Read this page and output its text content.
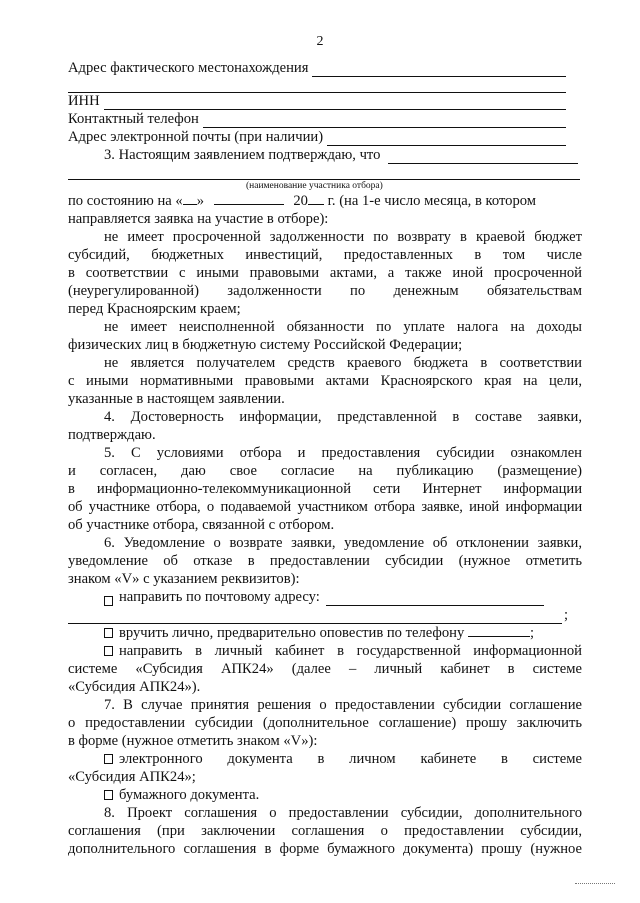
2
Адрес фактического местонахождения
ИНН
Контактный телефон
Адрес электронной почты (при наличии)
3. Настоящим заявлением подтверждаю, что
(наименование участника отбора)
по состоянию на « »	20 г. (на 1-е число месяца, в котором
направляется заявка на участие в отборе):
не имеет просроченной задолженности по возврату в краевой бюджет
субсидий, бюджетных инвестиций, предоставленных в том числе
в соответствии с иными правовыми актами, а также иной просроченной
(неурегулированной) задолженности по денежным обязательствам
перед Красноярским краем;
не имеет неисполненной обязанности по уплате налога на доходы
физических лиц в бюджетную систему Российской Федерации;
не является получателем средств краевого бюджета в соответствии
с иными нормативными правовыми актами Красноярского края на цели,
указанные в настоящем заявлении.
4. Достоверность информации, представленной в составе заявки,
подтверждаю.
5. С условиями отбора и предоставления субсидии ознакомлен
и согласен, даю свое согласие на публикацию (размещение)
в информационно-телекоммуникационной сети Интернет информации
об участнике отбора, о подаваемой участником отбора заявке, иной информации
об участнике отбора, связанной с отбором.
6. Уведомление о возврате заявки, уведомление об отклонении заявки,
уведомление об отказе в предоставлении субсидии (нужное отметить
знаком «V» с указанием реквизитов):
направить по почтовому адресу:
;
вручить лично, предварительно оповестив по телефону	;
направить в личный кабинет в государственной информационной
системе «Субсидия АПК24» (далее – личный кабинет в системе
«Субсидия АПК24»).
7. В случае принятия решения о предоставлении субсидии соглашение
о предоставлении субсидии (дополнительное соглашение) прошу заключить
в форме (нужное отметить знаком «V»):
электронного документа в личном кабинете в системе
«Субсидия АПК24»;
бумажного документа.
8. Проект соглашения о предоставлении субсидии, дополнительного
соглашения (при заключении соглашения о предоставлении субсидии,
дополнительного соглашения в форме бумажного документа) прошу (нужное
